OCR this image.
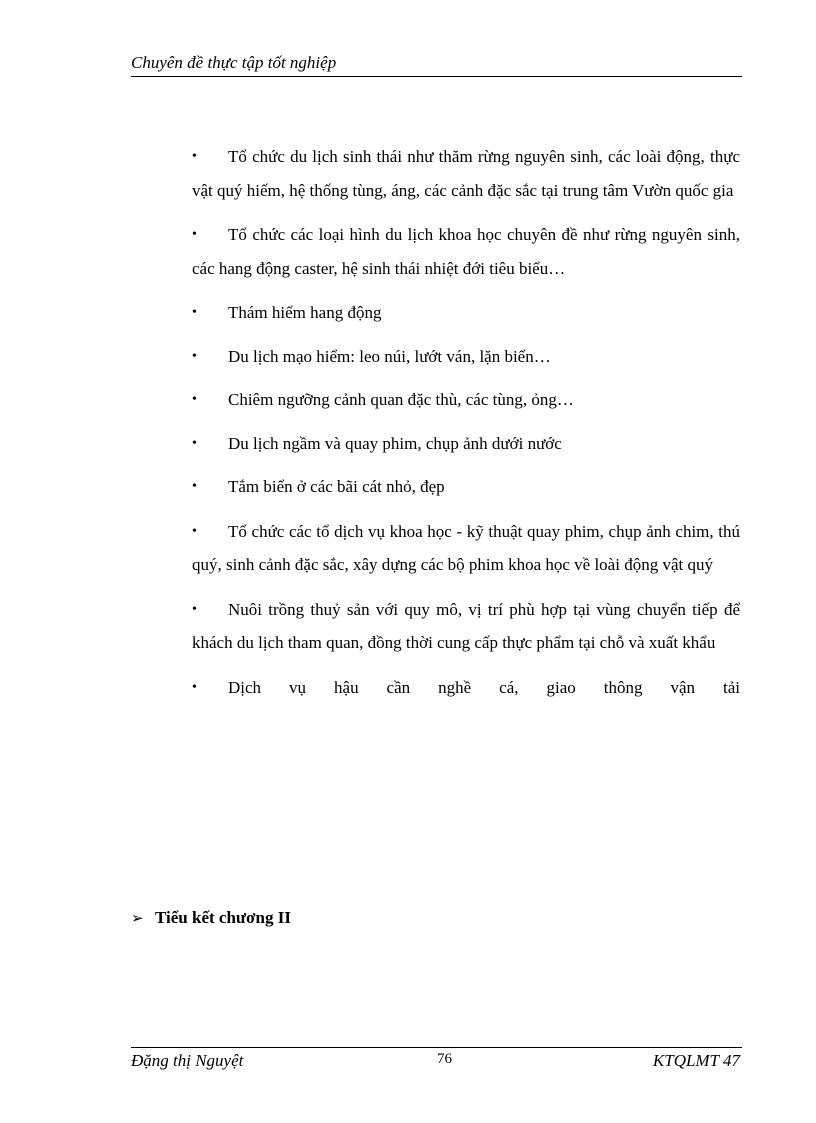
Chuyên đề thực tập tốt nghiệp
•	Tổ chức du lịch sinh thái như thăm rừng nguyên sinh, các loài động, thực vật quý hiếm, hệ thống tùng, áng, các cảnh đặc sắc tại trung tâm Vườn quốc gia
•	Tổ chức các loại hình du lịch khoa học chuyên đề như rừng nguyên sinh, các hang động caster, hệ sinh thái nhiệt đới tiêu biểu…
•	Thám hiểm hang động
•	Du lịch mạo hiểm: leo núi, lướt ván, lặn biển…
•	Chiêm ngưỡng cảnh quan đặc thù, các tùng, ỏng…
•	Du lịch ngầm và quay phim, chụp ảnh dưới nước
•	Tắm biển ở các bãi cát nhỏ, đẹp
•	Tổ chức các tổ dịch vụ khoa học - kỹ thuật quay phim, chụp ảnh chim, thú quý, sinh cảnh đặc sắc, xây dựng các bộ phim khoa học về loài động vật quý
•	Nuôi trồng thuỷ sản với quy mô, vị trí phù hợp tại vùng chuyển tiếp để khách du lịch tham quan, đồng thời cung cấp thực phẩm tại chỗ và xuất khẩu
•	Dịch vụ hậu cần nghề cá, giao thông vận tải
➢ Tiểu kết chương II
Đặng thị Nguyệt	76	KTQLMT 47
